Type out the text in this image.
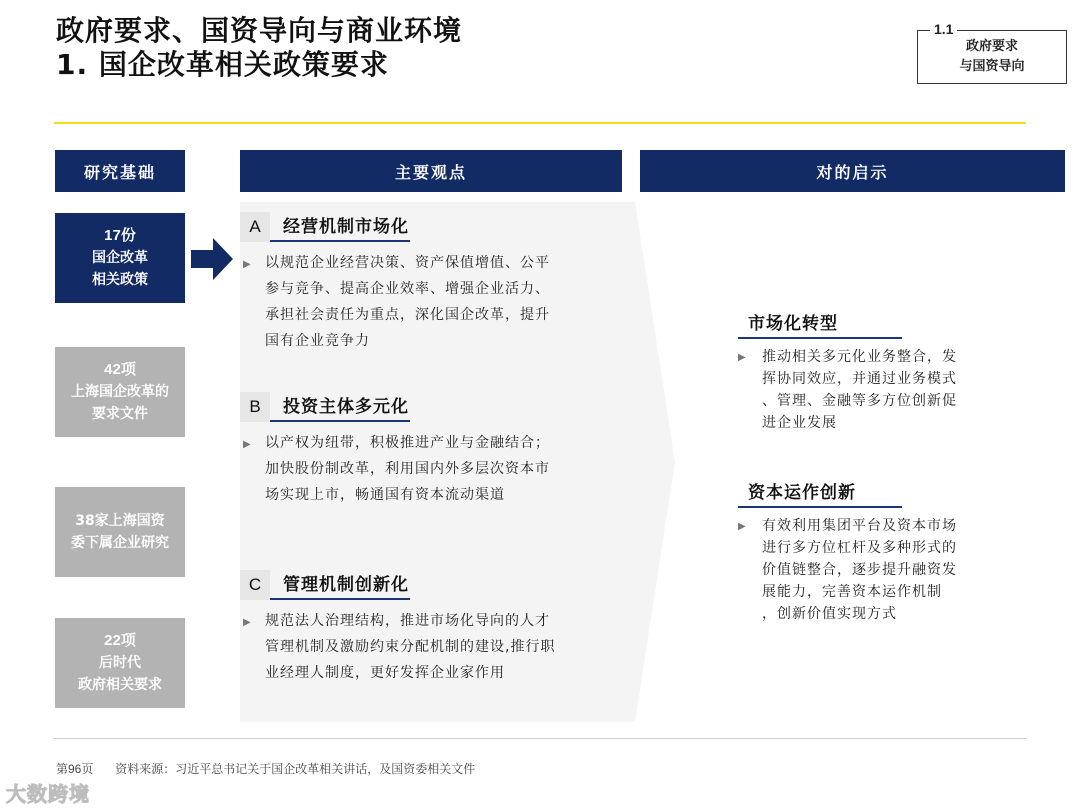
政府要求、国资导向与商业环境
1. 国企改革相关政策要求
1.1
政府要求
与国资导向
研究基础	主要观点	对的启示
17份
国企改革
相关政策
42项
上海国企改革的
要求文件
38家上海国资
委下属企业研究
22项
后时代
政府相关要求
A	经营机制市场化
▶ 以规范企业经营决策、资产保值增值、公平
参与竞争、提高企业效率、增强企业活力、
承担社会责任为重点，深化国企改革，提升
国有企业竞争力
B	投资主体多元化
▶ 以产权为纽带，积极推进产业与金融结合；
加快股份制改革，利用国内外多层次资本市
场实现上市，畅通国有资本流动渠道
C	管理机制创新化
▶ 规范法人治理结构，推进市场化导向的人才
管理机制及激励约束分配机制的建设,推行职
业经理人制度，更好发挥企业家作用
市场化转型
▶ 推动相关多元化业务整合，发
挥协同效应，并通过业务模式
、管理、金融等多方位创新促
进企业发展
资本运作创新
▶ 有效利用集团平台及资本市场
进行多方位杠杆及多种形式的
价值链整合，逐步提升融资发
展能力，完善资本运作机制
，创新价值实现方式
第96页 资料来源：习近平总书记关于国企改革相关讲话，及国资委相关文件
大数跨境
